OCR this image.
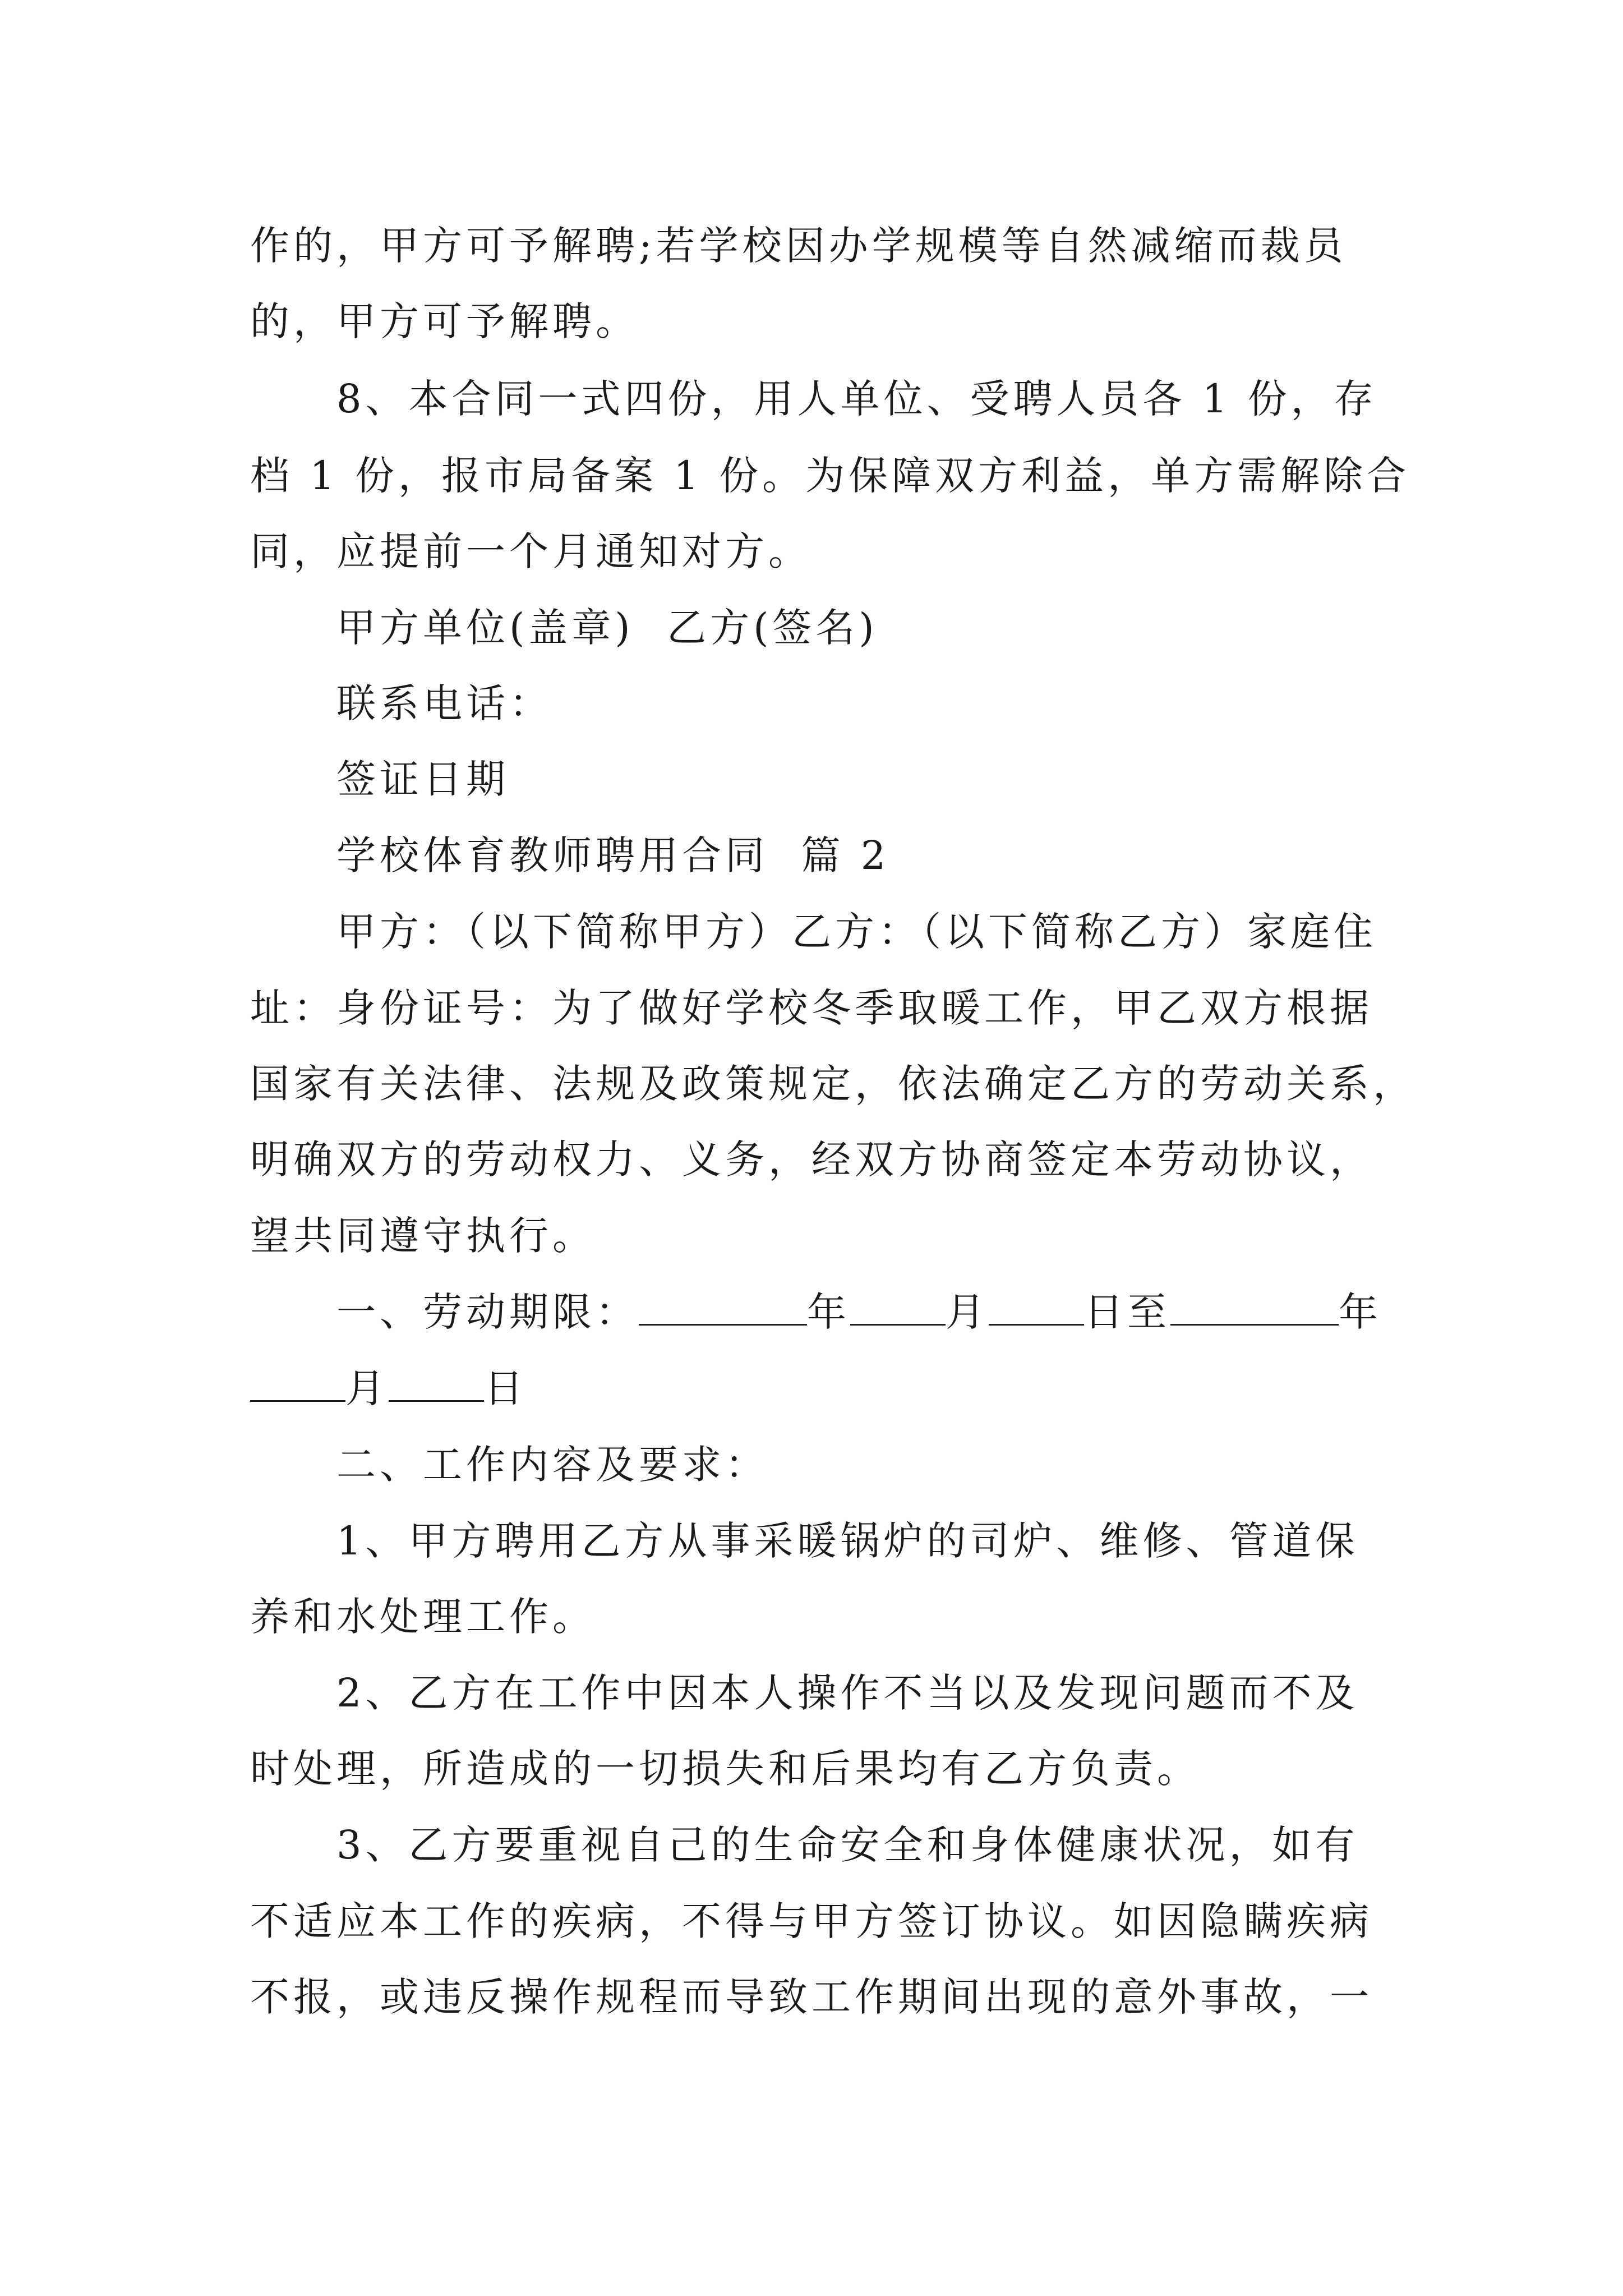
作的，甲方可予解聘;若学校因办学规模等自然减缩而裁员

的，甲方可予解聘。

8、本合同一式四份，用人单位、受聘人员各 1 份，存

档 1 份，报市局备案 1 份。为保障双方利益，单方需解除合

同，应提前一个月通知对方。

甲方单位(盖章)  乙方(签名)

联系电话：

签证日期

学校体育教师聘用合同  篇 2

甲方：（以下简称甲方）乙方：（以下简称乙方）家庭住

址：身份证号：为了做好学校冬季取暖工作，甲乙双方根据

国家有关法律、法规及政策规定，依法确定乙方的劳动关系，

明确双方的劳动权力、义务，经双方协商签定本劳动协议，

望共同遵守执行。

一、劳动期限：	年 月 日至	年

月 日

二、工作内容及要求：

1、甲方聘用乙方从事采暖锅炉的司炉、维修、管道保

养和水处理工作。

2、乙方在工作中因本人操作不当以及发现问题而不及

时处理，所造成的一切损失和后果均有乙方负责。

3、乙方要重视自己的生命安全和身体健康状况，如有

不适应本工作的疾病，不得与甲方签订协议。如因隐瞒疾病

不报，或违反操作规程而导致工作期间出现的意外事故，一
